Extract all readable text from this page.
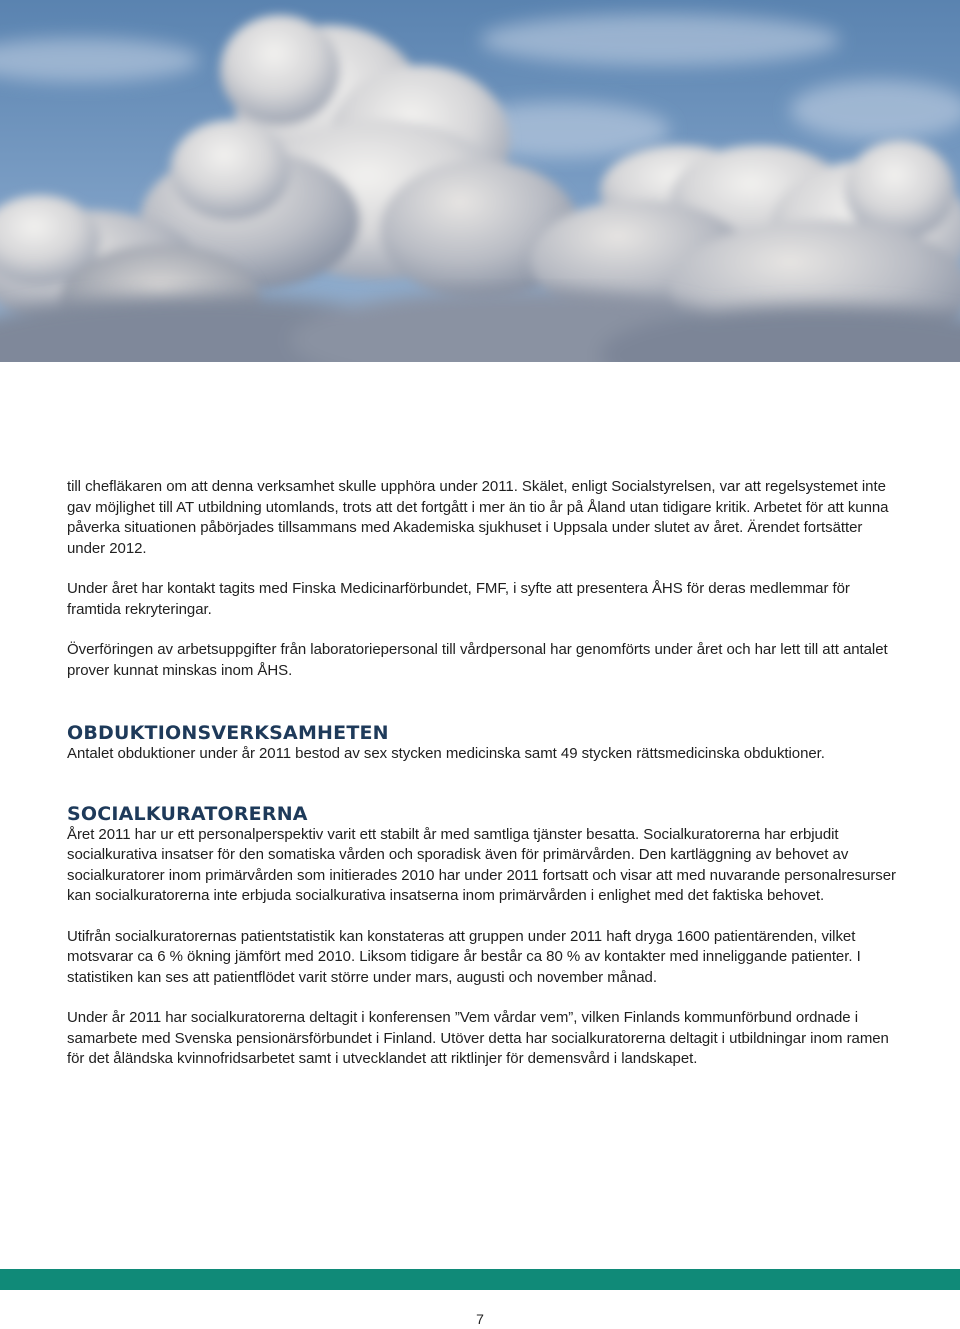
till chefläkaren om att denna verksamhet skulle upphöra under 2011. Skälet, enligt Socialstyrelsen, var att regelsystemet inte gav möjlighet till AT utbildning utomlands, trots att det fortgått i mer än tio år på Åland utan tidigare kritik. Arbetet för att kunna påverka situationen påbörjades tillsammans med Akademiska sjukhuset i Uppsala under slutet av året. Ärendet fortsätter under 2012.

Under året har kontakt tagits med Finska Medicinarförbundet, FMF, i syfte att presentera ÅHS för deras medlemmar för framtida rekryteringar.

Överföringen av arbetsuppgifter från laboratoriepersonal till vårdpersonal har genomförts under året och har lett till att antalet prover kunnat minskas inom ÅHS.

OBDUKTIONSVERKSAMHETEN

Antalet obduktioner under år 2011 bestod av sex stycken medicinska samt 49 stycken rättsmedicinska obduktioner.

SOCIALKURATORERNA

Året 2011 har ur ett personalperspektiv varit ett stabilt år med samtliga tjänster besatta. Socialkuratorerna har erbjudit socialkurativa insatser för den somatiska vården och sporadisk även för primärvården. Den kartläggning av behovet av socialkuratorer inom primärvården som initierades 2010 har under 2011 fortsatt och visar att med nuvarande personalresurser kan socialkuratorerna inte erbjuda socialkurativa insatserna inom primärvården i enlighet med det faktiska behovet.

Utifrån socialkuratorernas patientstatistik kan konstateras att gruppen under 2011 haft dryga 1600 patientärenden, vilket motsvarar ca 6 % ökning jämfört med 2010. Liksom tidigare år består ca 80 % av kontakter med inneliggande patienter. I statistiken kan ses att patientflödet varit större under mars, augusti och november månad.

Under år 2011 har socialkuratorerna deltagit i konferensen ”Vem vårdar vem”, vilken Finlands kommunförbund ordnade i samarbete med Svenska pensionärsförbundet i Finland. Utöver detta har socialkuratorerna deltagit i utbildningar inom ramen för det åländska kvinnofridsarbetet samt i utvecklandet att riktlinjer för demensvård i landskapet.

7
